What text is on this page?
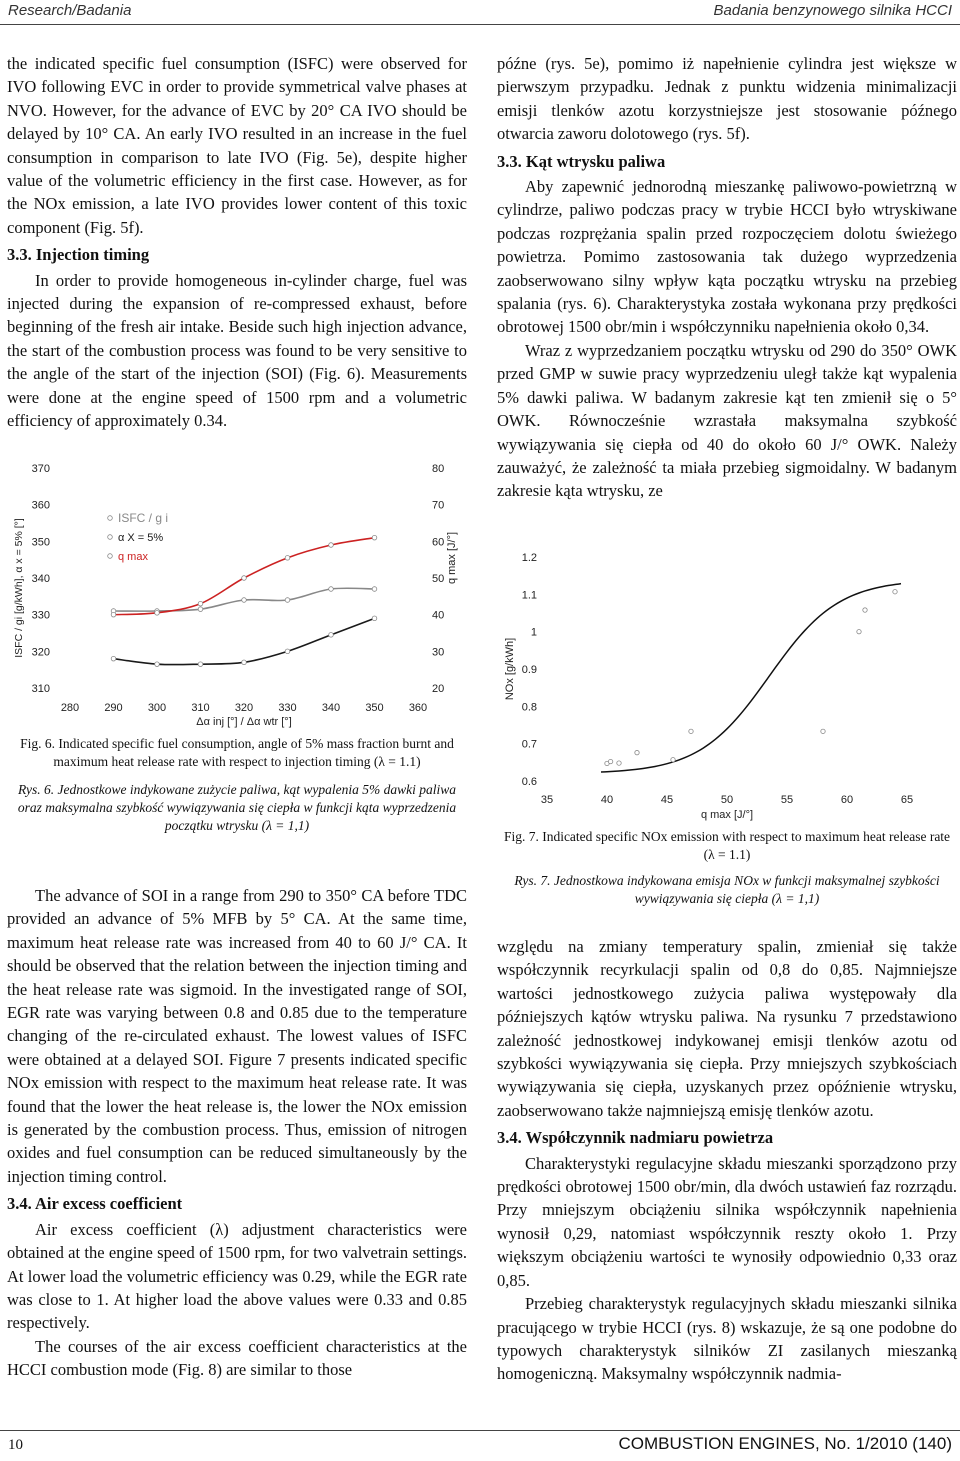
Research/Badania	Badania benzynowego silnika HCCI

the indicated specific fuel consumption (ISFC) were observed for IVO following EVC in order to provide symmetrical valve phases at NVO. However, for the advance of EVC by 20° CA IVO should be delayed by 10° CA. An early IVO resulted in an increase in the fuel consumption in comparison to late IVO (Fig. 5e), despite higher value of the volumetric efficiency in the first case. However, as for the NOx emission, a late IVO provides lower content of this toxic component (Fig. 5f).

3.3. Injection timing

In order to provide homogeneous in-cylinder charge, fuel was injected during the expansion of re-compressed exhaust, before beginning of the fresh air intake. Beside such high injection advance, the start of the combustion process was found to be very sensitive to the angle of the start of the injection (SOI) (Fig. 6). Measurements were done at the engine speed of 1500 rpm and a volumetric efficiency of approximately 0.34.

310
320
330
340
350
360
370
20
30
40
50
60
70
80
280 290 300 310 320 330 340 350 360
Δα inj [°] / Δα wtr [°]
ISFC / gi [g/kWh], α x = 5% [°]	q max [J/°]
ISFC / g i
α X = 5%
q max

Fig. 6. Indicated specific fuel consumption, angle of 5% mass fraction burnt and maximum heat release rate with respect to injection timing (λ = 1.1)

Rys. 6. Jednostkowe indykowane zużycie paliwa, kąt wypalenia 5% dawki paliwa oraz maksymalna szybkość wywiązywania się ciepła w funkcji kąta wyprzedzenia początku wtrysku (λ = 1,1)

The advance of SOI in a range from 290 to 350° CA before TDC provided an advance of 5% MFB by 5° CA. At the same time, maximum heat release rate was increased from 40 to 60 J/° CA. It should be observed that the relation between the injection timing and the heat release rate was sigmoid. In the investigated range of SOI, EGR rate was varying between 0.8 and 0.85 due to the temperature changing of the re-circulated exhaust. The lowest values of ISFC were obtained at a delayed SOI. Figure 7 presents indicated specific NOx emission with respect to the maximum heat release rate. It was found that the lower the heat release is, the lower the NOx emission is generated by the combustion process. Thus, emission of nitrogen oxides and fuel consumption can be reduced simultaneously by the injection timing control.

3.4. Air excess coefficient

Air excess coefficient (λ) adjustment characteristics were obtained at the engine speed of 1500 rpm, for two valvetrain settings. At lower load the volumetric efficiency was 0.29, while the EGR rate was close to 1. At higher load the above values were 0.33 and 0.85 respectively.

The courses of the air excess coefficient characteristics at the HCCI combustion mode (Fig. 8) are similar to those

późne (rys. 5e), pomimo iż napełnienie cylindra jest większe w pierwszym przypadku. Jednak z punktu widzenia minimalizacji emisji tlenków azotu korzystniejsze jest stosowanie późnego otwarcia zaworu dolotowego (rys. 5f).

3.3. Kąt wtrysku paliwa

Aby zapewnić jednorodną mieszankę paliwowo-powietrzną w cylindrze, paliwo podczas pracy w trybie HCCI było wtryskiwane podczas rozprężania spalin przed rozpoczęciem dolotu świeżego powietrza. Pomimo zastosowania tak dużego wyprzedzenia zaobserwowano silny wpływ kąta początku wtrysku na przebieg spalania (rys. 6). Charakterystyka została wykonana przy prędkości obrotowej 1500 obr/min i współczynniku napełnienia około 0,34.

Wraz z wyprzedzaniem początku wtrysku od 290 do 350° OWK przed GMP w suwie pracy wyprzedzeniu uległ także kąt wypalenia 5% dawki paliwa. W badanym zakresie kąt ten zmienił się o 5° OWK. Równocześnie wzrastała maksymalna szybkość wywiązywania się ciepła od 40 do około 60 J/° OWK. Należy zauważyć, że zależność ta miała przebieg sigmoidalny. W badanym zakresie kąta wtrysku, ze

0.6
0.7
0.8
0.9
1
1.1
1.2
35	40	45	50	55	60	65
q max [J/°]
NOx [g/kWh]

Fig. 7. Indicated specific NOx emission with respect to maximum heat release rate (λ = 1.1)

Rys. 7. Jednostkowa indykowana emisja NOx w funkcji maksymalnej szybkości wywiązywania się ciepła (λ = 1,1)

względu na zmiany temperatury spalin, zmieniał się także współczynnik recyrkulacji spalin od 0,8 do 0,85. Najmniejsze wartości jednostkowego zużycia paliwa występowały dla późniejszych kątów wtrysku paliwa. Na rysunku 7 przedstawiono zależność jednostkowej indykowanej emisji tlenków azotu od szybkości wywiązywania się ciepła. Przy mniejszych szybkościach wywiązywania się ciepła, uzyskanych przez opóźnienie wtrysku, zaobserwowano także najmniejszą emisję tlenków azotu.

3.4. Współczynnik nadmiaru powietrza

Charakterystyki regulacyjne składu mieszanki sporządzono przy prędkości obrotowej 1500 obr/min, dla dwóch ustawień faz rozrządu. Przy mniejszym obciążeniu silnika współczynnik napełnienia wynosił 0,29, natomiast współczynnik reszty około 1. Przy większym obciążeniu wartości te wynosiły odpowiednio 0,33 oraz 0,85.

Przebieg charakterystyk regulacyjnych składu mieszanki silnika pracującego w trybie HCCI (rys. 8) wskazuje, że są one podobne do typowych charakterystyk silników ZI zasilanych mieszanką homogeniczną. Maksymalny współczynnik nadmia-

10	COMBUSTION ENGINES, No. 1/2010 (140)
